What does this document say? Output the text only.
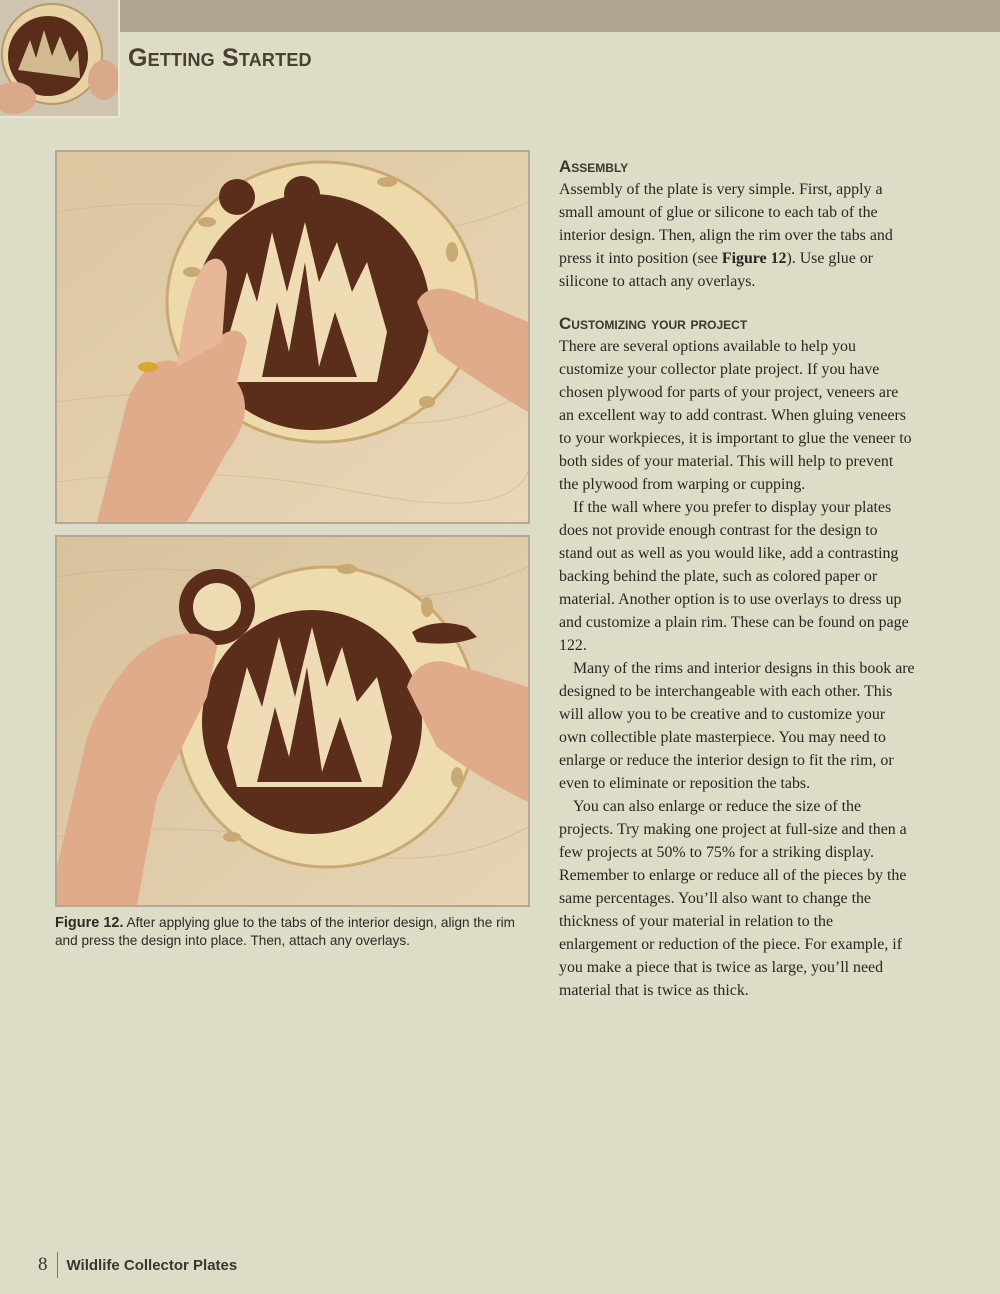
Getting Started
Figure 12. After applying glue to the tabs of the interior design, align the rim and press the design into place. Then, attach any overlays.
Assembly

Assembly of the plate is very simple. First, apply a small amount of glue or silicone to each tab of the interior design. Then, align the rim over the tabs and press it into position (see Figure 12). Use glue or silicone to attach any overlays.

Customizing your project

There are several options available to help you customize your collector plate project. If you have chosen plywood for parts of your project, veneers are an excellent way to add contrast. When gluing veneers to your workpieces, it is important to glue the veneer to both sides of your material. This will help to prevent the plywood from warping or cupping.

If the wall where you prefer to display your plates does not provide enough contrast for the design to stand out as well as you would like, add a contrasting backing behind the plate, such as colored paper or material. Another option is to use overlays to dress up and customize a plain rim. These can be found on page 122.

Many of the rims and interior designs in this book are designed to be interchangeable with each other. This will allow you to be creative and to customize your own collectible plate masterpiece. You may need to enlarge or reduce the interior design to fit the rim, or even to eliminate or reposition the tabs.

You can also enlarge or reduce the size of the projects. Try making one project at full-size and then a few projects at 50% to 75% for a striking display. Remember to enlarge or reduce all of the pieces by the same percentages. You’ll also want to change the thickness of your material in relation to the enlargement or reduction of the piece. For example, if you make a piece that is twice as large, you’ll need material that is twice as thick.

8	Wildlife Collector Plates
